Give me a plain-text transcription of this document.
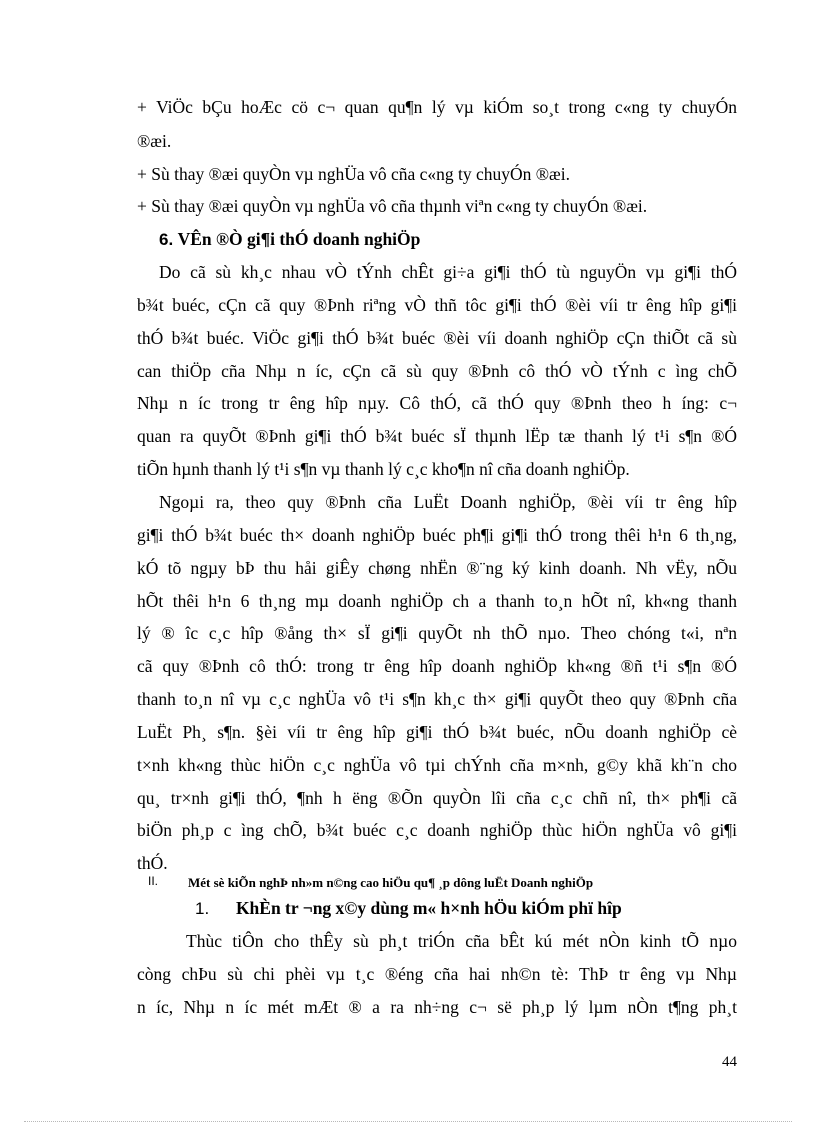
+ ViÖc bÇu hoÆc cö c¬ quan qu¶n lý vµ kiÓm so¸t trong c«ng ty chuyÓn
®æi.
+ Sù thay ®æi quyÒn vµ nghÜa vô cña c«ng ty chuyÓn ®æi.
+ Sù thay ®æi quyÒn vµ nghÜa vô cña thµnh viªn c«ng ty chuyÓn ®æi.
6. VÊn ®Ò gi¶i thÓ doanh nghiÖp
Do cã sù kh¸c nhau vÒ tÝnh chÊt gi÷a gi¶i thÓ tù nguyÖn vµ gi¶i thÓ
b¾t buéc, cÇn cã quy ®Þnh riªng vÒ thñ tôc gi¶i thÓ ®èi víi tr êng hîp gi¶i
thÓ b¾t buéc. ViÖc gi¶i thÓ b¾t buéc ®èi víi doanh nghiÖp cÇn thiÕt cã sù
can thiÖp cña Nhµ n íc, cÇn cã sù quy ®Þnh cô thÓ vÒ tÝnh c ìng chÕ
Nhµ n íc trong tr êng hîp nµy. Cô thÓ, cã thÓ quy ®Þnh theo h íng: c¬
quan ra quyÕt ®Þnh gi¶i thÓ b¾t buéc sÏ thµnh lËp tæ thanh lý t¹i s¶n ®Ó
tiÕn hµnh thanh lý t¹i s¶n vµ thanh lý c¸c kho¶n nî cña doanh nghiÖp.
Ngoµi ra, theo quy ®Þnh cña LuËt Doanh nghiÖp, ®èi víi tr êng hîp
gi¶i thÓ b¾t buéc th× doanh nghiÖp buéc ph¶i gi¶i thÓ trong thêi h¹n 6 th¸ng,
kÓ tõ ngµy bÞ thu håi giÊy chøng nhËn ®¨ng ký kinh doanh. Nh vËy, nÕu
hÕt thêi h¹n 6 th¸ng mµ doanh nghiÖp ch a thanh to¸n hÕt nî, kh«ng thanh
lý ® îc c¸c hîp ®ång th× sÏ gi¶i quyÕt nh thÕ nµo. Theo chóng t«i, nªn
cã quy ®Þnh cô thÓ: trong tr êng hîp doanh nghiÖp kh«ng ®ñ t¹i s¶n ®Ó
thanh to¸n nî vµ c¸c nghÜa vô t¹i s¶n kh¸c th× gi¶i quyÕt theo quy ®Þnh cña
LuËt Ph¸ s¶n. §èi víi tr êng hîp gi¶i thÓ b¾t buéc, nÕu doanh nghiÖp cè
t×nh kh«ng thùc hiÖn c¸c nghÜa vô tµi chÝnh cña m×nh, g©y khã kh¨n cho
qu¸ tr×nh gi¶i thÓ, ¶nh h ëng ®Õn quyÒn lîi cña c¸c chñ nî, th× ph¶i cã
biÖn ph¸p c ìng chÕ, b¾t buéc c¸c doanh nghiÖp thùc hiÖn nghÜa vô gi¶i
thÓ.
II. Mét sè kiÕn nghÞ nh»m n©ng cao hiÖu qu¶ ¸p dông luËt Doanh nghiÖp
1. KhÈn tr ¬ng x©y dùng m« h×nh hÖu kiÓm phï hîp
Thùc tiÔn cho thÊy sù ph¸t triÓn cña bÊt kú mét nÒn kinh tÕ nµo
còng chÞu sù chi phèi vµ t¸c ®éng cña hai nh©n tè: ThÞ tr êng vµ Nhµ
n íc, Nhµ n íc mét mÆt ® a ra nh÷ng c¬ së ph¸p lý lµm nÒn t¶ng ph¸t
44
